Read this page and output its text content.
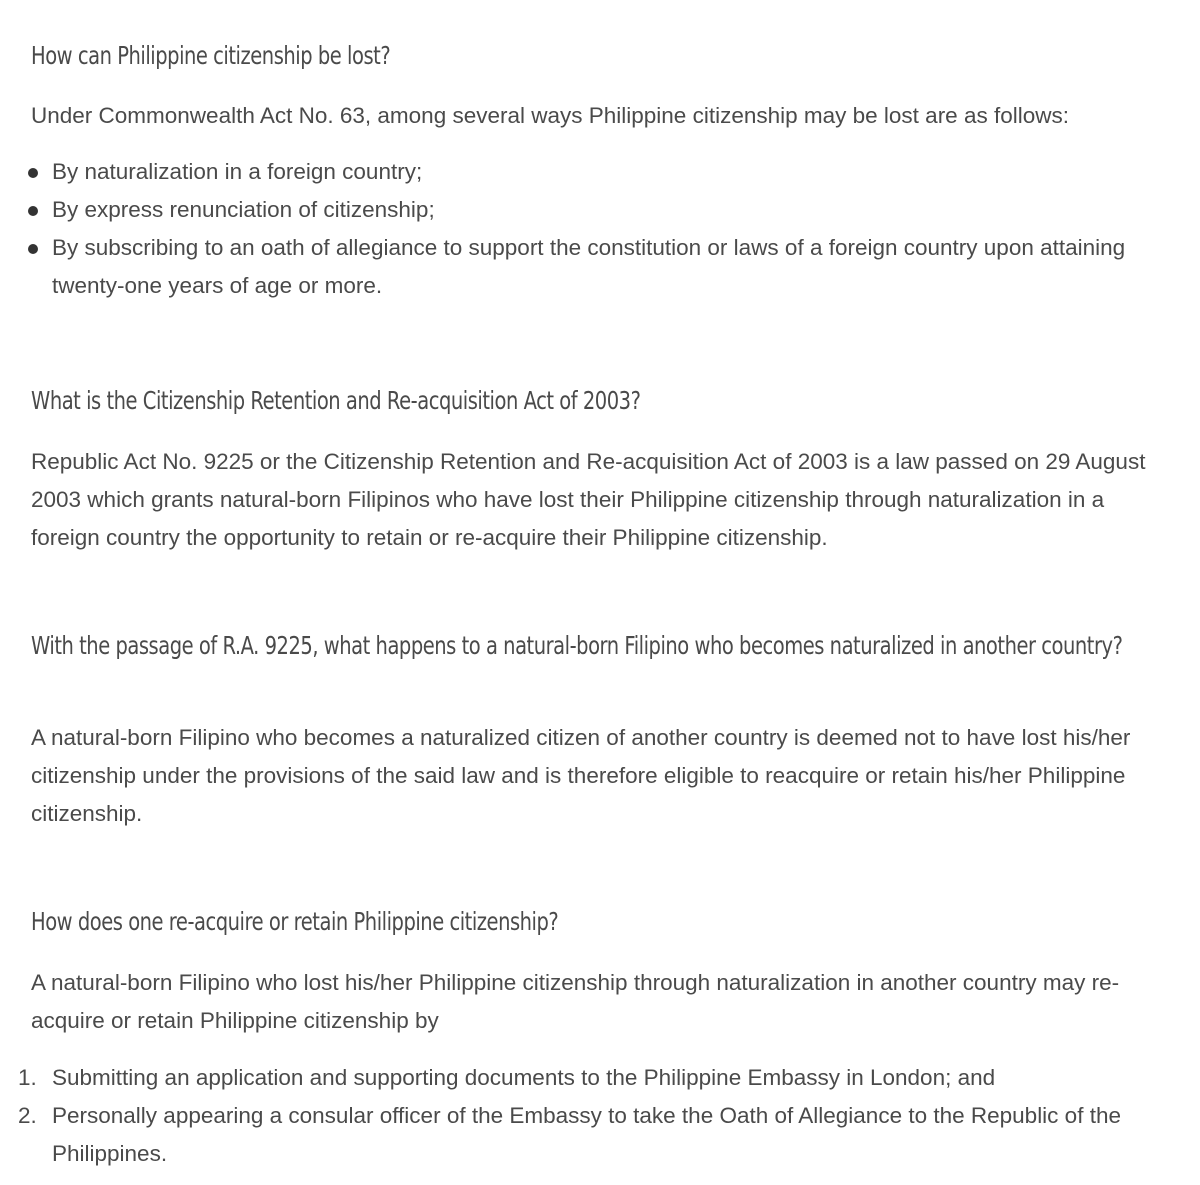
How can Philippine citizenship be lost?

Under Commonwealth Act No. 63, among several ways Philippine citizenship may be lost are as follows:

By naturalization in a foreign country;
By express renunciation of citizenship;
By subscribing to an oath of allegiance to support the constitution or laws of a foreign country upon attaining twenty-one years of age or more.
What is the Citizenship Retention and Re-acquisition Act of 2003?

Republic Act No. 9225 or the Citizenship Retention and Re-acquisition Act of 2003 is a law passed on 29 August 2003 which grants natural-born Filipinos who have lost their Philippine citizenship through naturalization in a foreign country the opportunity to retain or re-acquire their Philippine citizenship.

With the passage of R.A. 9225, what happens to a natural-born Filipino who becomes naturalized in another country?

A natural-born Filipino who becomes a naturalized citizen of another country is deemed not to have lost his/her citizenship under the provisions of the said law and is therefore eligible to reacquire or retain his/her Philippine citizenship.

How does one re-acquire or retain Philippine citizenship?

A natural-born Filipino who lost his/her Philippine citizenship through naturalization in another country may re-acquire or retain Philippine citizenship by

1. Submitting an application and supporting documents to the Philippine Embassy in London; and
2. Personally appearing a consular officer of the Embassy to take the Oath of Allegiance to the Republic of the Philippines.
